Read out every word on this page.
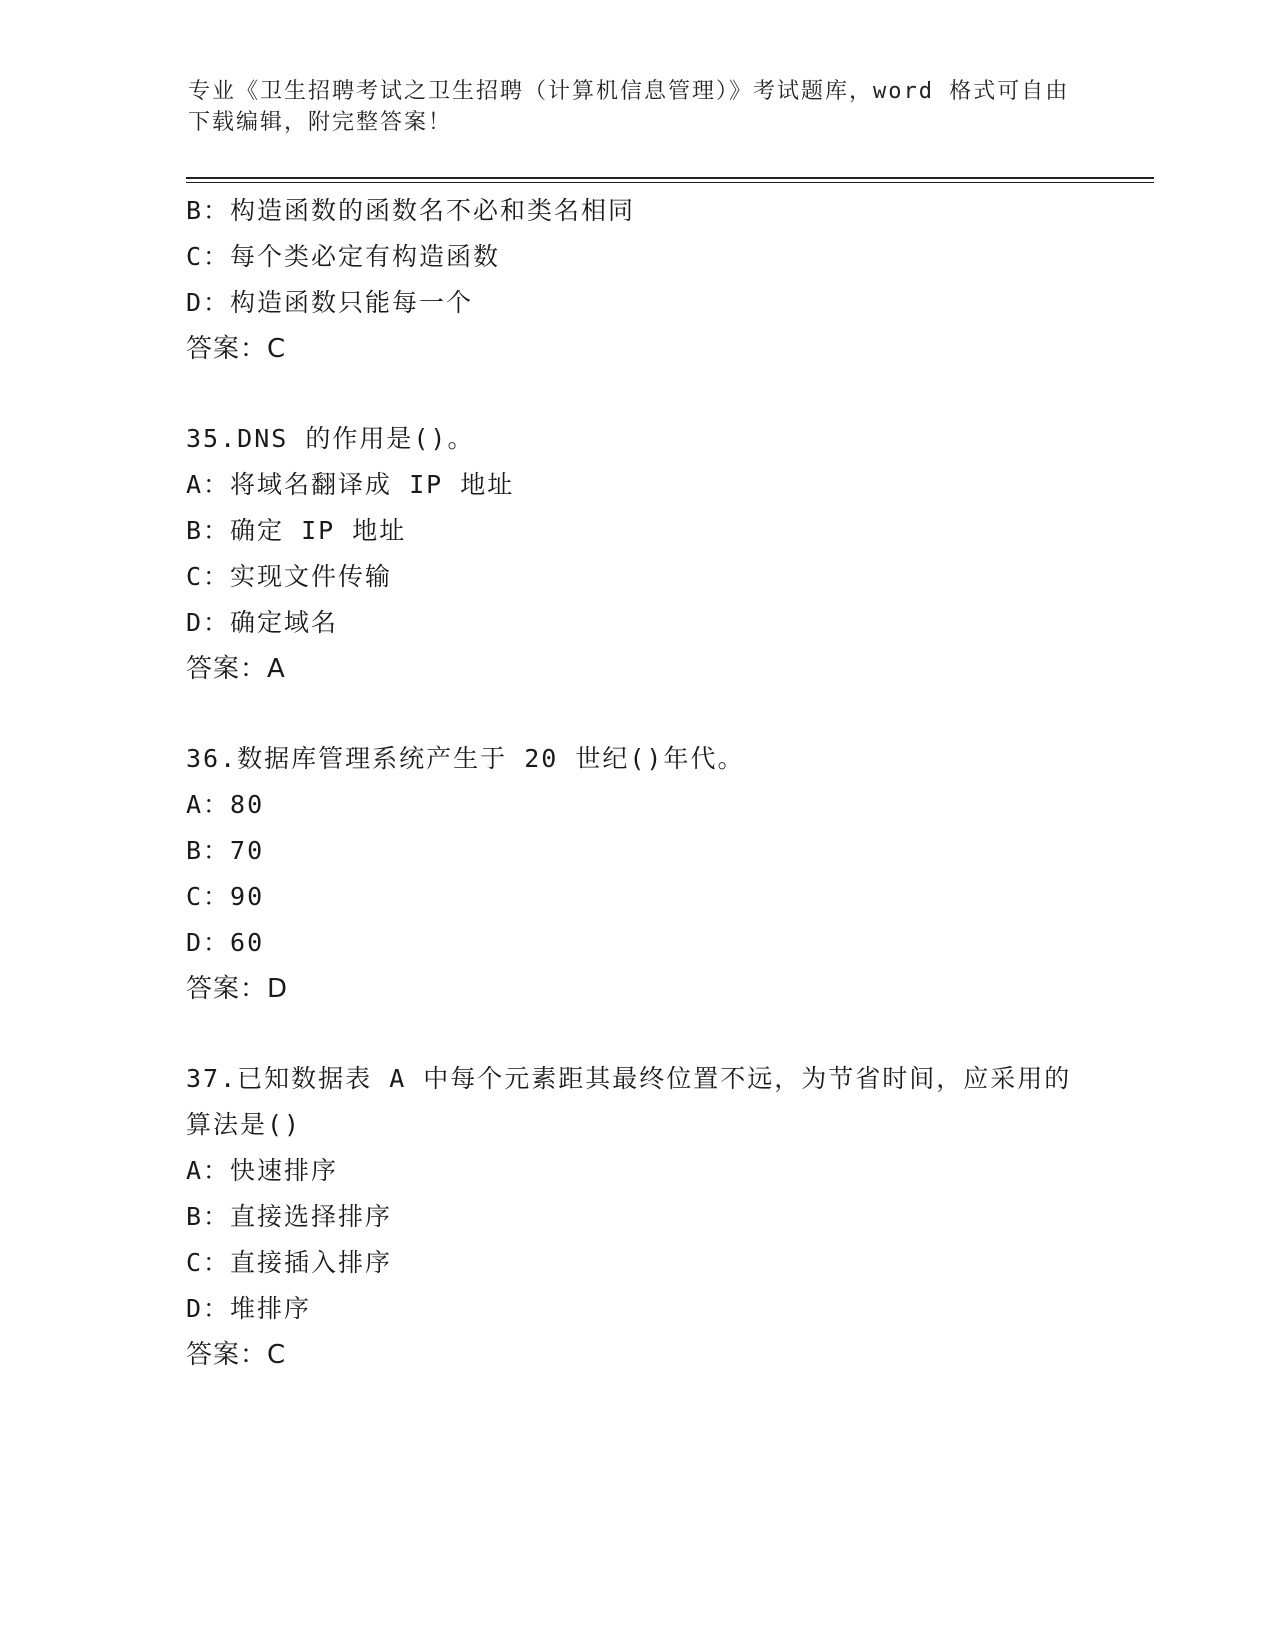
专业《卫生招聘考试之卫生招聘（计算机信息管理）》考试题库，word 格式可自由下载编辑，附完整答案！
B：构造函数的函数名不必和类名相同
C：每个类必定有构造函数
D：构造函数只能每一个
答案：C
35.DNS 的作用是()。
A：将域名翻译成 IP 地址
B：确定 IP 地址
C：实现文件传输
D：确定域名
答案：A
36.数据库管理系统产生于 20 世纪()年代。
A：80
B：70
C：90
D：60
答案：D
37.已知数据表 A 中每个元素距其最终位置不远，为节省时间，应采用的算法是()
A：快速排序
B：直接选择排序
C：直接插入排序
D：堆排序
答案：C
